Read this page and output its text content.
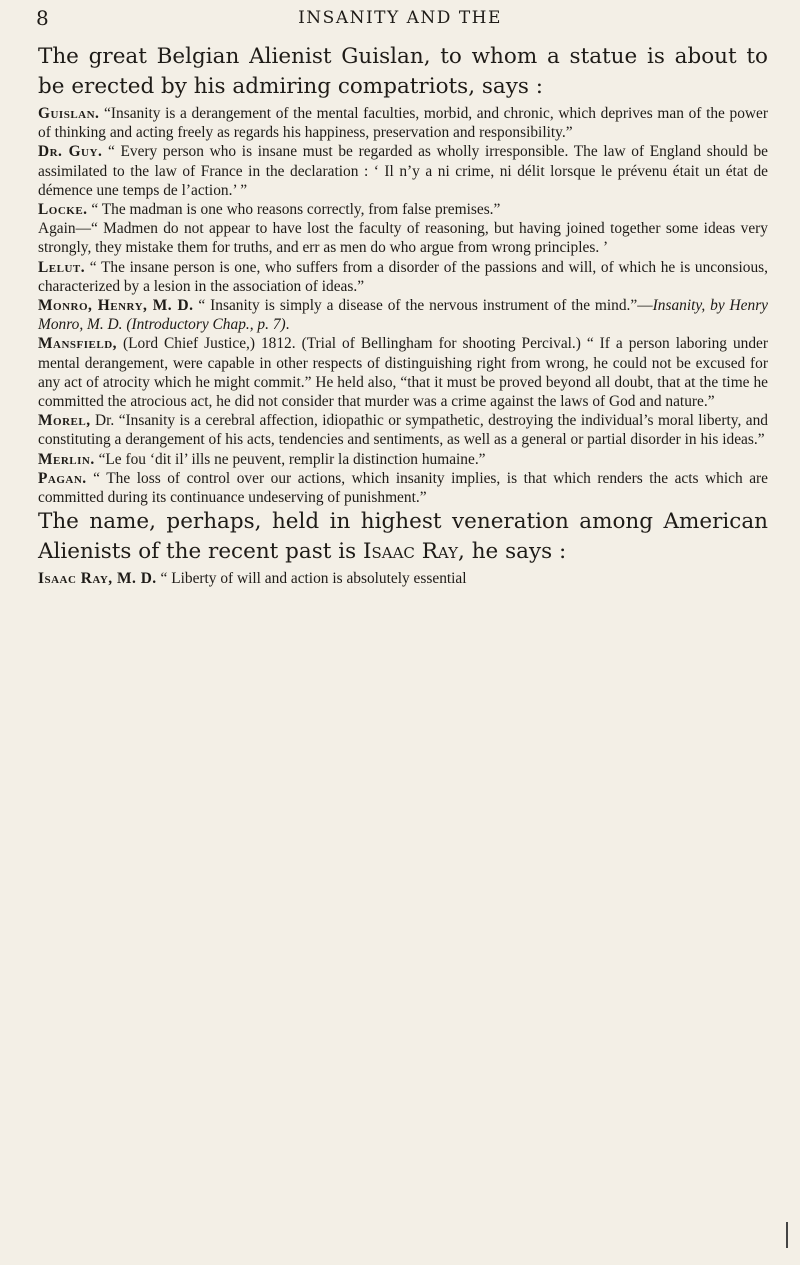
8	INSANITY AND THE

The great Belgian Alienist Guislan, to whom a statue is about to be erected by his admiring compatriots, says :

Guislan. “Insanity is a derangement of the mental faculties, morbid, and chronic, which deprives man of the power of thinking and acting freely as regards his happiness, preservation and responsibility.”

Dr. Guy. “ Every person who is insane must be regarded as wholly irresponsible. The law of England should be assimilated to the law of France in the declaration : ‘ Il n’y a ni crime, ni délit lorsque le prévenu était un état de démence une temps de l’action.’ ”

Locke. “ The madman is one who reasons correctly, from false premises.”

Again—“ Madmen do not appear to have lost the faculty of reasoning, but having joined together some ideas very strongly, they mistake them for truths, and err as men do who argue from wrong principles. ’

Lelut. “ The insane person is one, who suffers from a disorder of the passions and will, of which he is unconsious, characterized by a lesion in the association of ideas.”

Monro, Henry, M. D. “ Insanity is simply a disease of the nervous instrument of the mind.”—Insanity, by Henry Monro, M. D. (Introductory Chap., p. 7).

Mansfield, (Lord Chief Justice,) 1812. (Trial of Bellingham for shooting Percival.) “ If a person laboring under mental derangement, were capable in other respects of distinguishing right from wrong, he could not be excused for any act of atrocity which he might commit.” He held also, “that it must be proved beyond all doubt, that at the time he committed the atrocious act, he did not consider that murder was a crime against the laws of God and nature.”

Morel, Dr. “Insanity is a cerebral affection, idiopathic or sympathetic, destroying the individual’s moral liberty, and constituting a derangement of his acts, tendencies and sentiments, as well as a general or partial disorder in his ideas.”

Merlin. “Le fou ‘dit il’ ills ne peuvent, remplir la distinction humaine.”

Pagan. “ The loss of control over our actions, which insanity implies, is that which renders the acts which are committed during its continuance undeserving of punishment.”

The name, perhaps, held in highest veneration among American Alienists of the recent past is Isaac Ray, he says :

Isaac Ray, M. D. “ Liberty of will and action is absolutely essential
